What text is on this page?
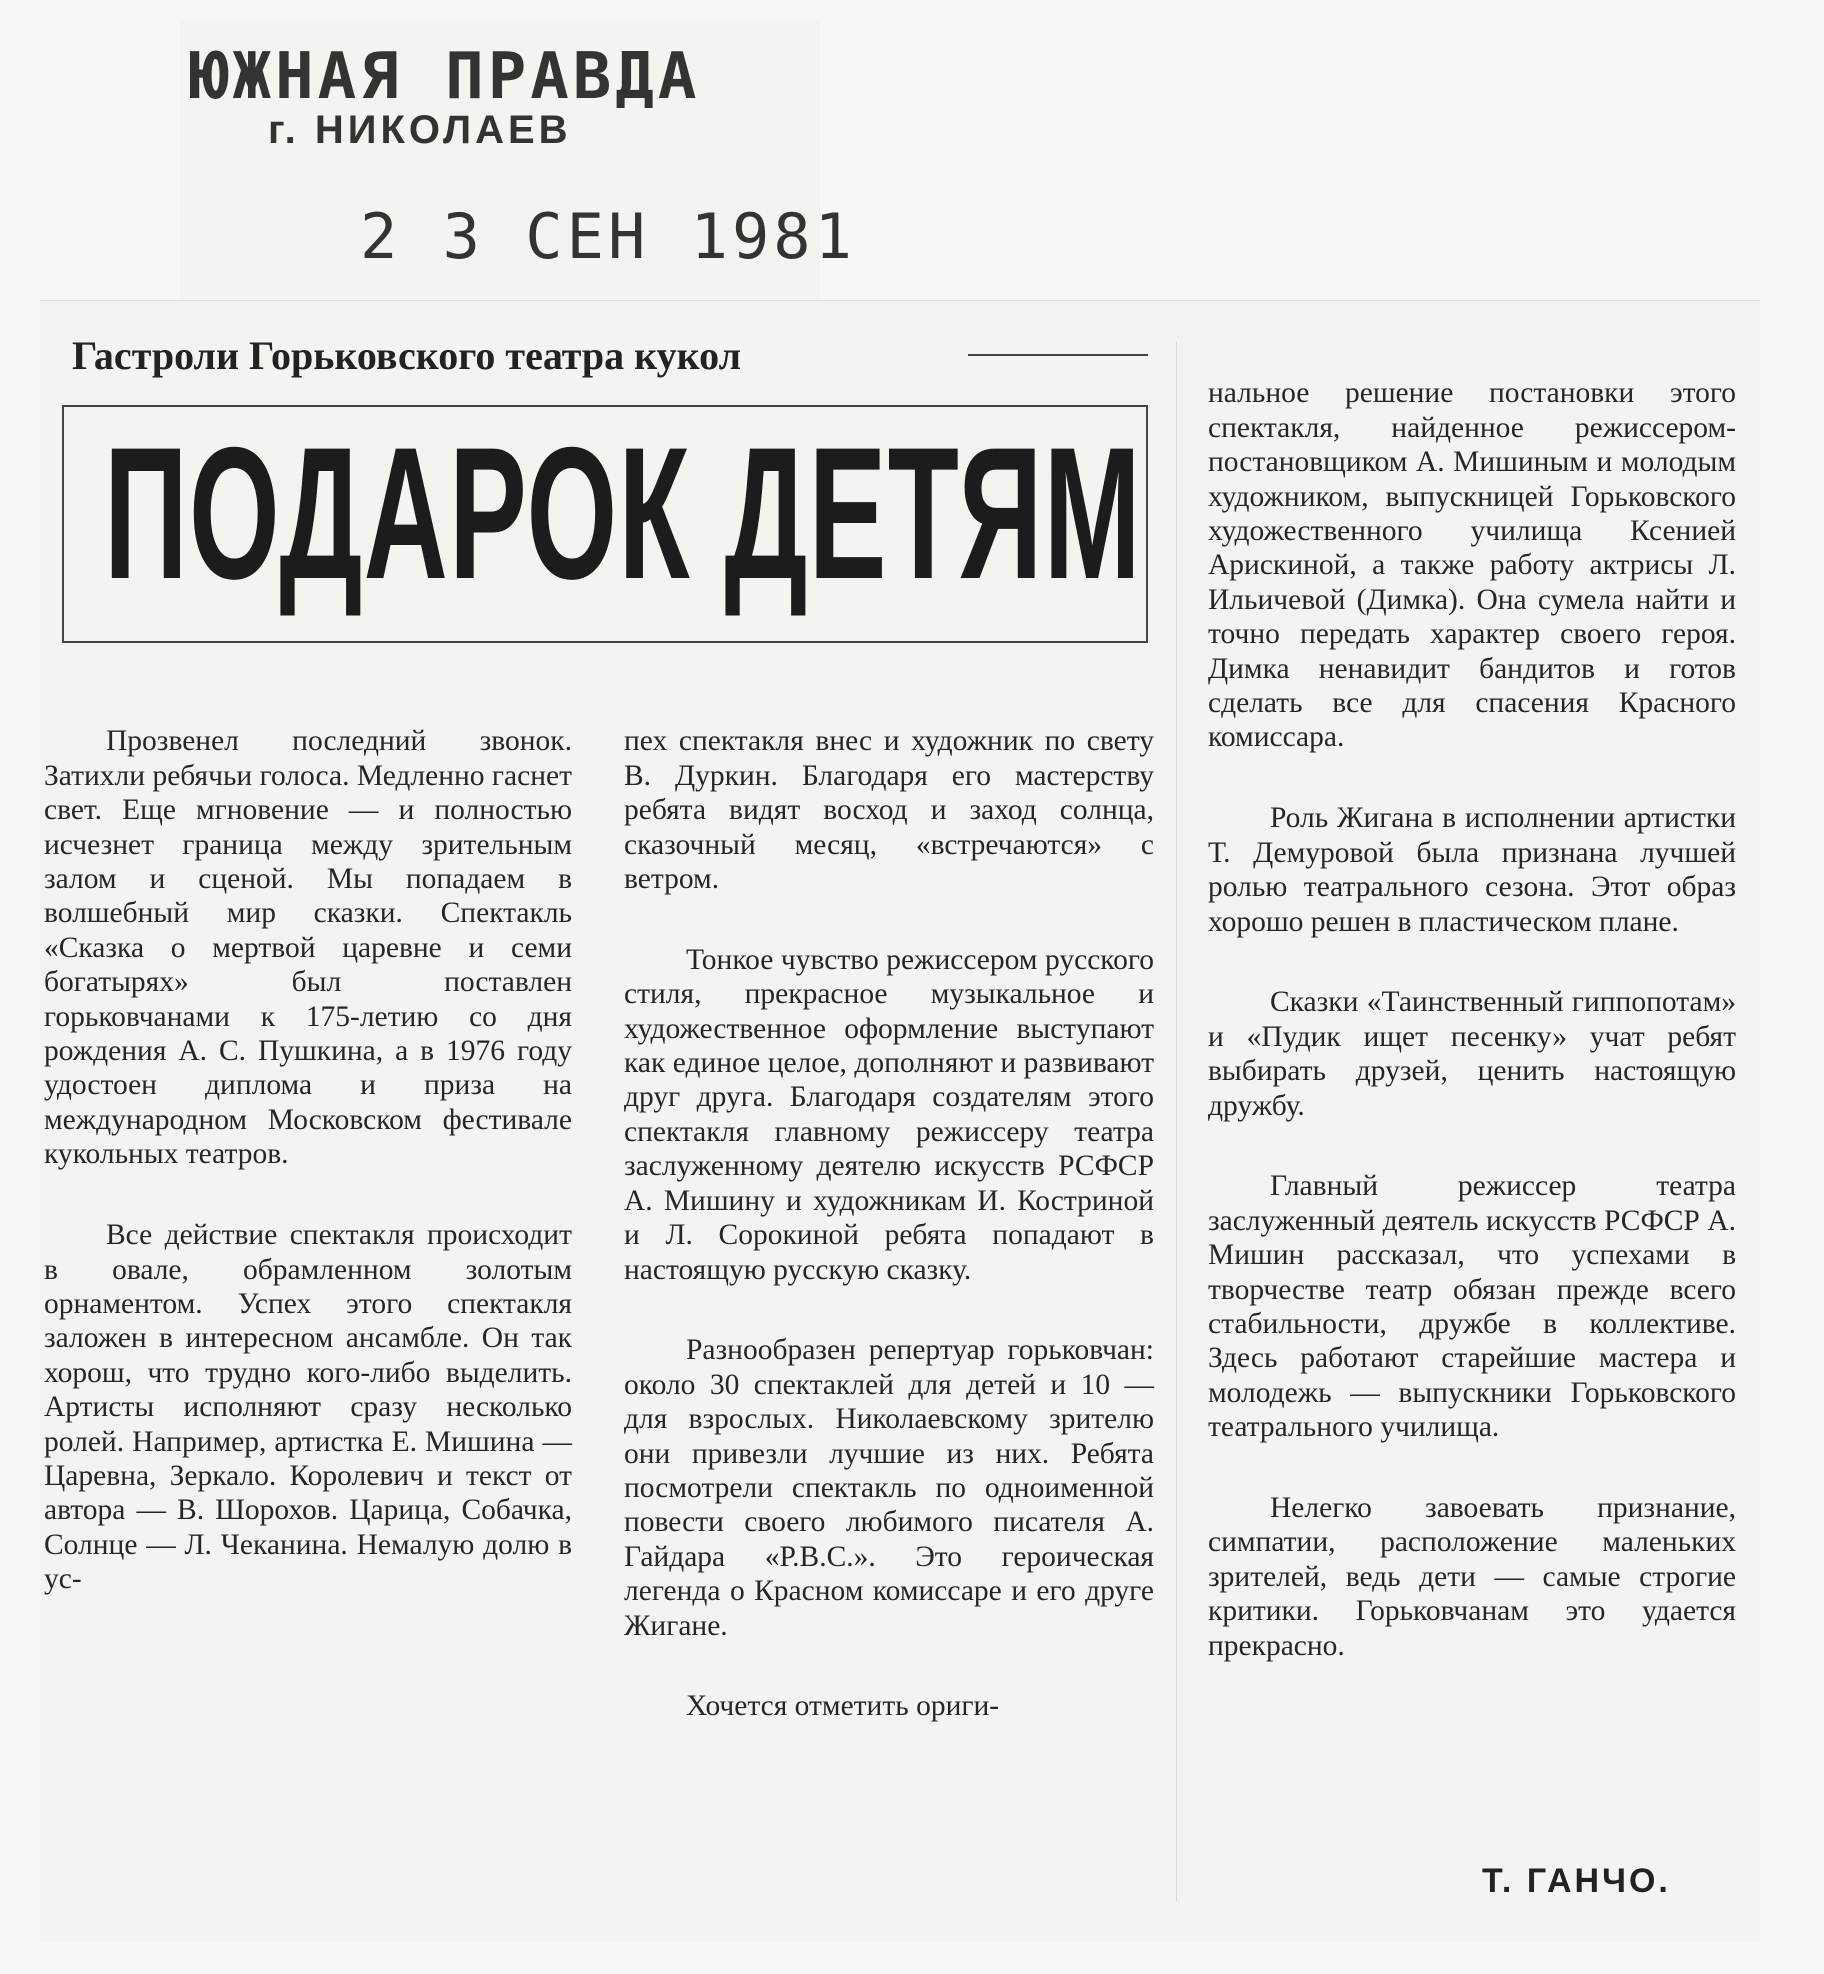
ЮЖНАЯ ПРАВДА
г. НИКОЛАЕВ
2 3 СЕН 1981
Гастроли Горьковского театра кукол
ПОДАРОК ДЕТЯМ

Прозвенел последний звонок. Затихли ребячьи голоса. Медленно гаснет свет. Еще мгновение — и полностью исчезнет граница между зрительным залом и сценой. Мы попадаем в волшебный мир сказки. Спектакль «Сказка о мертвой царевне и семи богатырях» был поставлен горьковчанами к 175-летию со дня рождения А. С. Пушкина, а в 1976 году удостоен диплома и приза на международном Московском фестивале кукольных театров.

Все действие спектакля происходит в овале, обрамленном золотым орнаментом. Успех этого спектакля заложен в интересном ансамбле. Он так хорош, что трудно кого-либо выделить. Артисты исполняют сразу несколько ролей. Например, артистка Е. Мишина — Царевна, Зеркало. Королевич и текст от автора — В. Шорохов. Царица, Собачка, Солнце — Л. Чеканина. Немалую долю в ус-

пех спектакля внес и художник по свету В. Дуркин. Благодаря его мастерству ребята видят восход и заход солнца, сказочный месяц, «встречаются» с ветром.

Тонкое чувство режиссером русского стиля, прекрасное музыкальное и художественное оформление выступают как единое целое, дополняют и развивают друг друга. Благодаря создателям этого спектакля главному режиссеру театра заслуженному деятелю искусств РСФСР А. Мишину и художникам И. Костриной и Л. Сорокиной ребята попадают в настоящую русскую сказку.

Разнообразен репертуар горьковчан: около 30 спектаклей для детей и 10 — для взрослых. Николаевскому зрителю они привезли лучшие из них. Ребята посмотрели спектакль по одноименной повести своего любимого писателя А. Гайдара «Р.В.С.». Это героическая легенда о Красном комиссаре и его друге Жигане.

Хочется отметить ориги-

нальное решение постановки этого спектакля, найденное режиссером-постановщиком А. Мишиным и молодым художником, выпускницей Горьковского художественного училища Ксенией Арискиной, а также работу актрисы Л. Ильичевой (Димка). Она сумела найти и точно передать характер своего героя. Димка ненавидит бандитов и готов сделать все для спасения Красного комиссара.

Роль Жигана в исполнении артистки Т. Демуровой была признана лучшей ролью театрального сезона. Этот образ хорошо решен в пластическом плане.

Сказки «Таинственный гиппопотам» и «Пудик ищет песенку» учат ребят выбирать друзей, ценить настоящую дружбу.

Главный режиссер театра заслуженный деятель искусств РСФСР А. Мишин рассказал, что успехами в творчестве театр обязан прежде всего стабильности, дружбе в коллективе. Здесь работают старейшие мастера и молодежь — выпускники Горьковского театрального училища.

Нелегко завоевать признание, симпатии, расположение маленьких зрителей, ведь дети — самые строгие критики. Горьковчанам это удается прекрасно.

Т. ГАНЧО.
